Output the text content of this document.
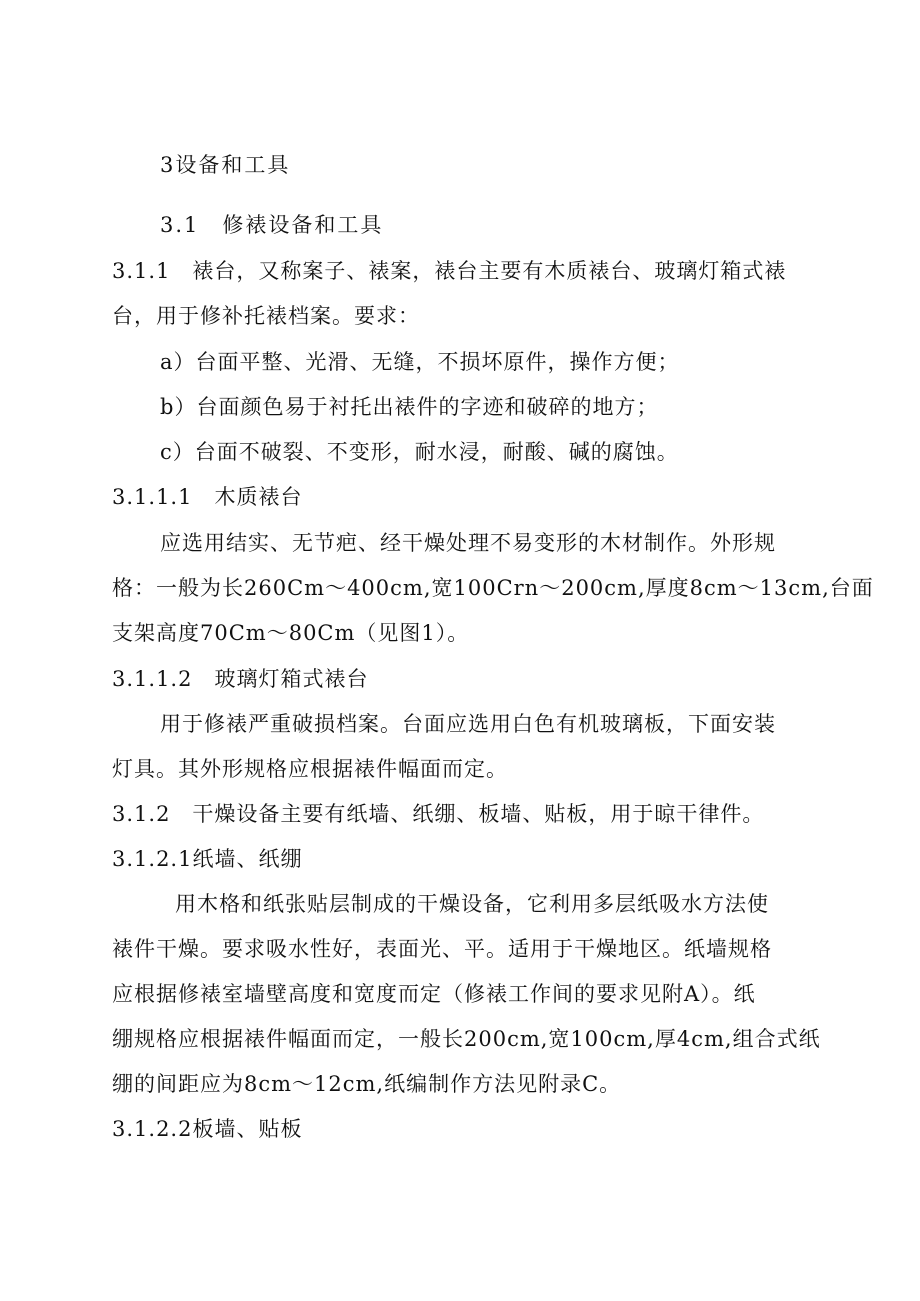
3设备和工具
3.1　修裱设备和工具
3.1.1　裱台，又称案子、裱案，裱台主要有木质裱台、玻璃灯箱式裱
台，用于修补托裱档案。要求：
a）台面平整、光滑、无缝，不损坏原件，操作方便；
b）台面颜色易于衬托出裱件的字迹和破碎的地方；
c）台面不破裂、不变形，耐水浸，耐酸、碱的腐蚀。
3.1.1.1　木质裱台
应选用结实、无节疤、经干燥处理不易变形的木材制作。外形规
格：一般为长260Cm～400cm,宽100Crn～200cm,厚度8cm～13cm,台面
支架高度70Cm～80Cm（见图1）。
3.1.1.2　玻璃灯箱式裱台
用于修裱严重破损档案。台面应选用白色有机玻璃板，下面安装
灯具。其外形规格应根据裱件幅面而定。
3.1.2　干燥设备主要有纸墙、纸绷、板墙、贴板，用于晾干律件。
3.1.2.1纸墙、纸绷
用木格和纸张贴层制成的干燥设备，它利用多层纸吸水方法使
裱件干燥。要求吸水性好，表面光、平。适用于干燥地区。纸墙规格
应根据修裱室墙壁高度和宽度而定（修裱工作间的要求见附A）。纸
绷规格应根据裱件幅面而定，一般长200cm,宽100cm,厚4cm,组合式纸
绷的间距应为8cm～12cm,纸编制作方法见附录C。
3.1.2.2板墙、贴板
